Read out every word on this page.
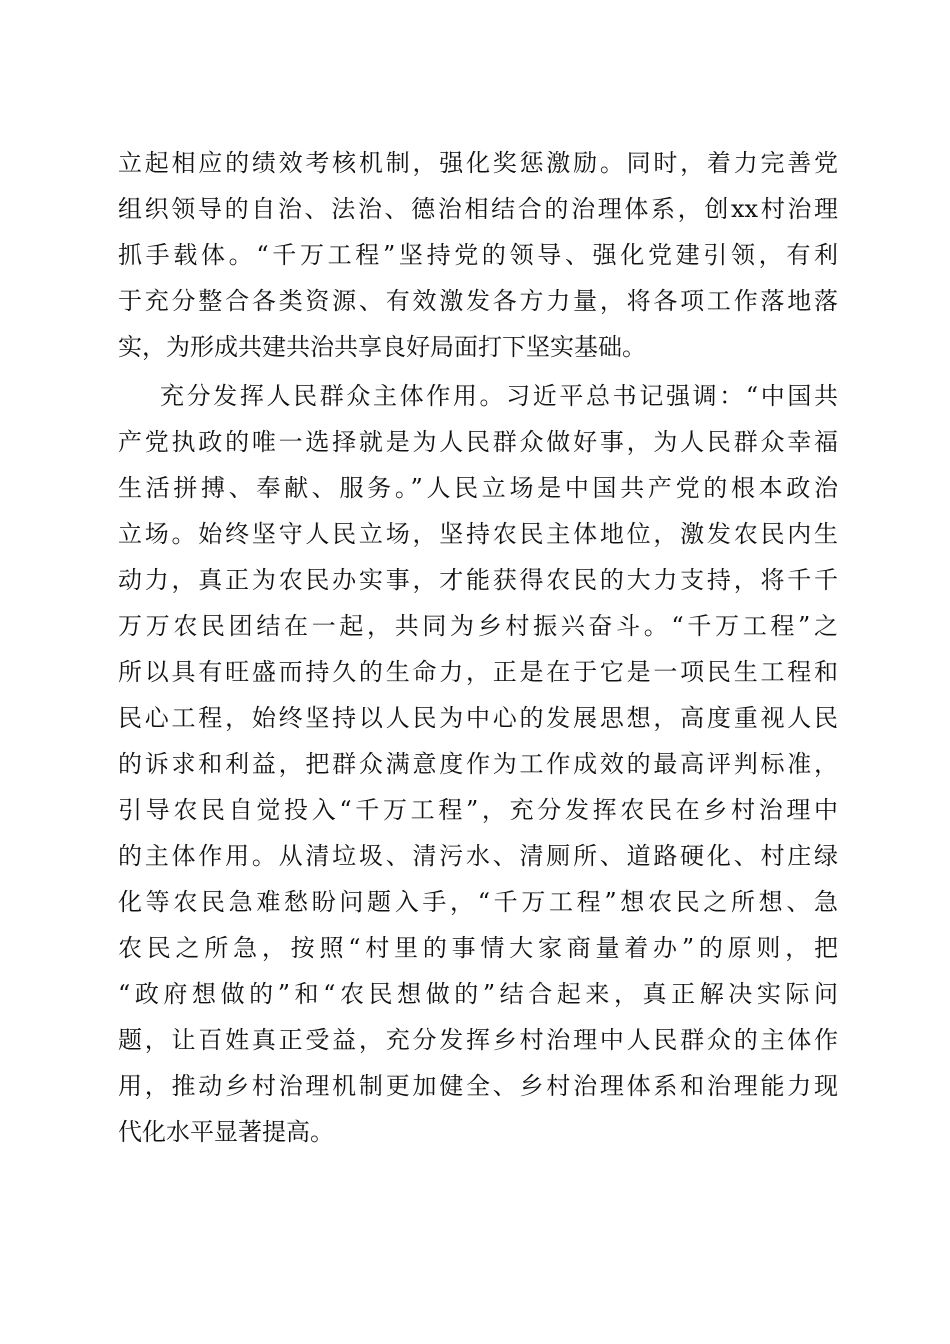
立起相应的绩效考核机制，强化奖惩激励。同时，着力完善党

组织领导的自治、法治、德治相结合的治理体系，创xx村治理

抓手载体。“千万工程”坚持党的领导、强化党建引领，有利

于充分整合各类资源、有效激发各方力量，将各项工作落地落

实，为形成共建共治共享良好局面打下坚实基础。

充分发挥人民群众主体作用。习近平总书记强调：“中国共

产党执政的唯一选择就是为人民群众做好事，为人民群众幸福

生活拼搏、奉献、服务。”人民立场是中国共产党的根本政治

立场。始终坚守人民立场，坚持农民主体地位，激发农民内生

动力，真正为农民办实事，才能获得农民的大力支持，将千千

万万农民团结在一起，共同为乡村振兴奋斗。“千万工程”之

所以具有旺盛而持久的生命力，正是在于它是一项民生工程和

民心工程，始终坚持以人民为中心的发展思想，高度重视人民

的诉求和利益，把群众满意度作为工作成效的最高评判标准，

引导农民自觉投入“千万工程”，充分发挥农民在乡村治理中

的主体作用。从清垃圾、清污水、清厕所、道路硬化、村庄绿

化等农民急难愁盼问题入手，“千万工程”想农民之所想、急

农民之所急，按照“村里的事情大家商量着办”的原则，把

“政府想做的”和“农民想做的”结合起来，真正解决实际问

题，让百姓真正受益，充分发挥乡村治理中人民群众的主体作

用，推动乡村治理机制更加健全、乡村治理体系和治理能力现

代化水平显著提高。
